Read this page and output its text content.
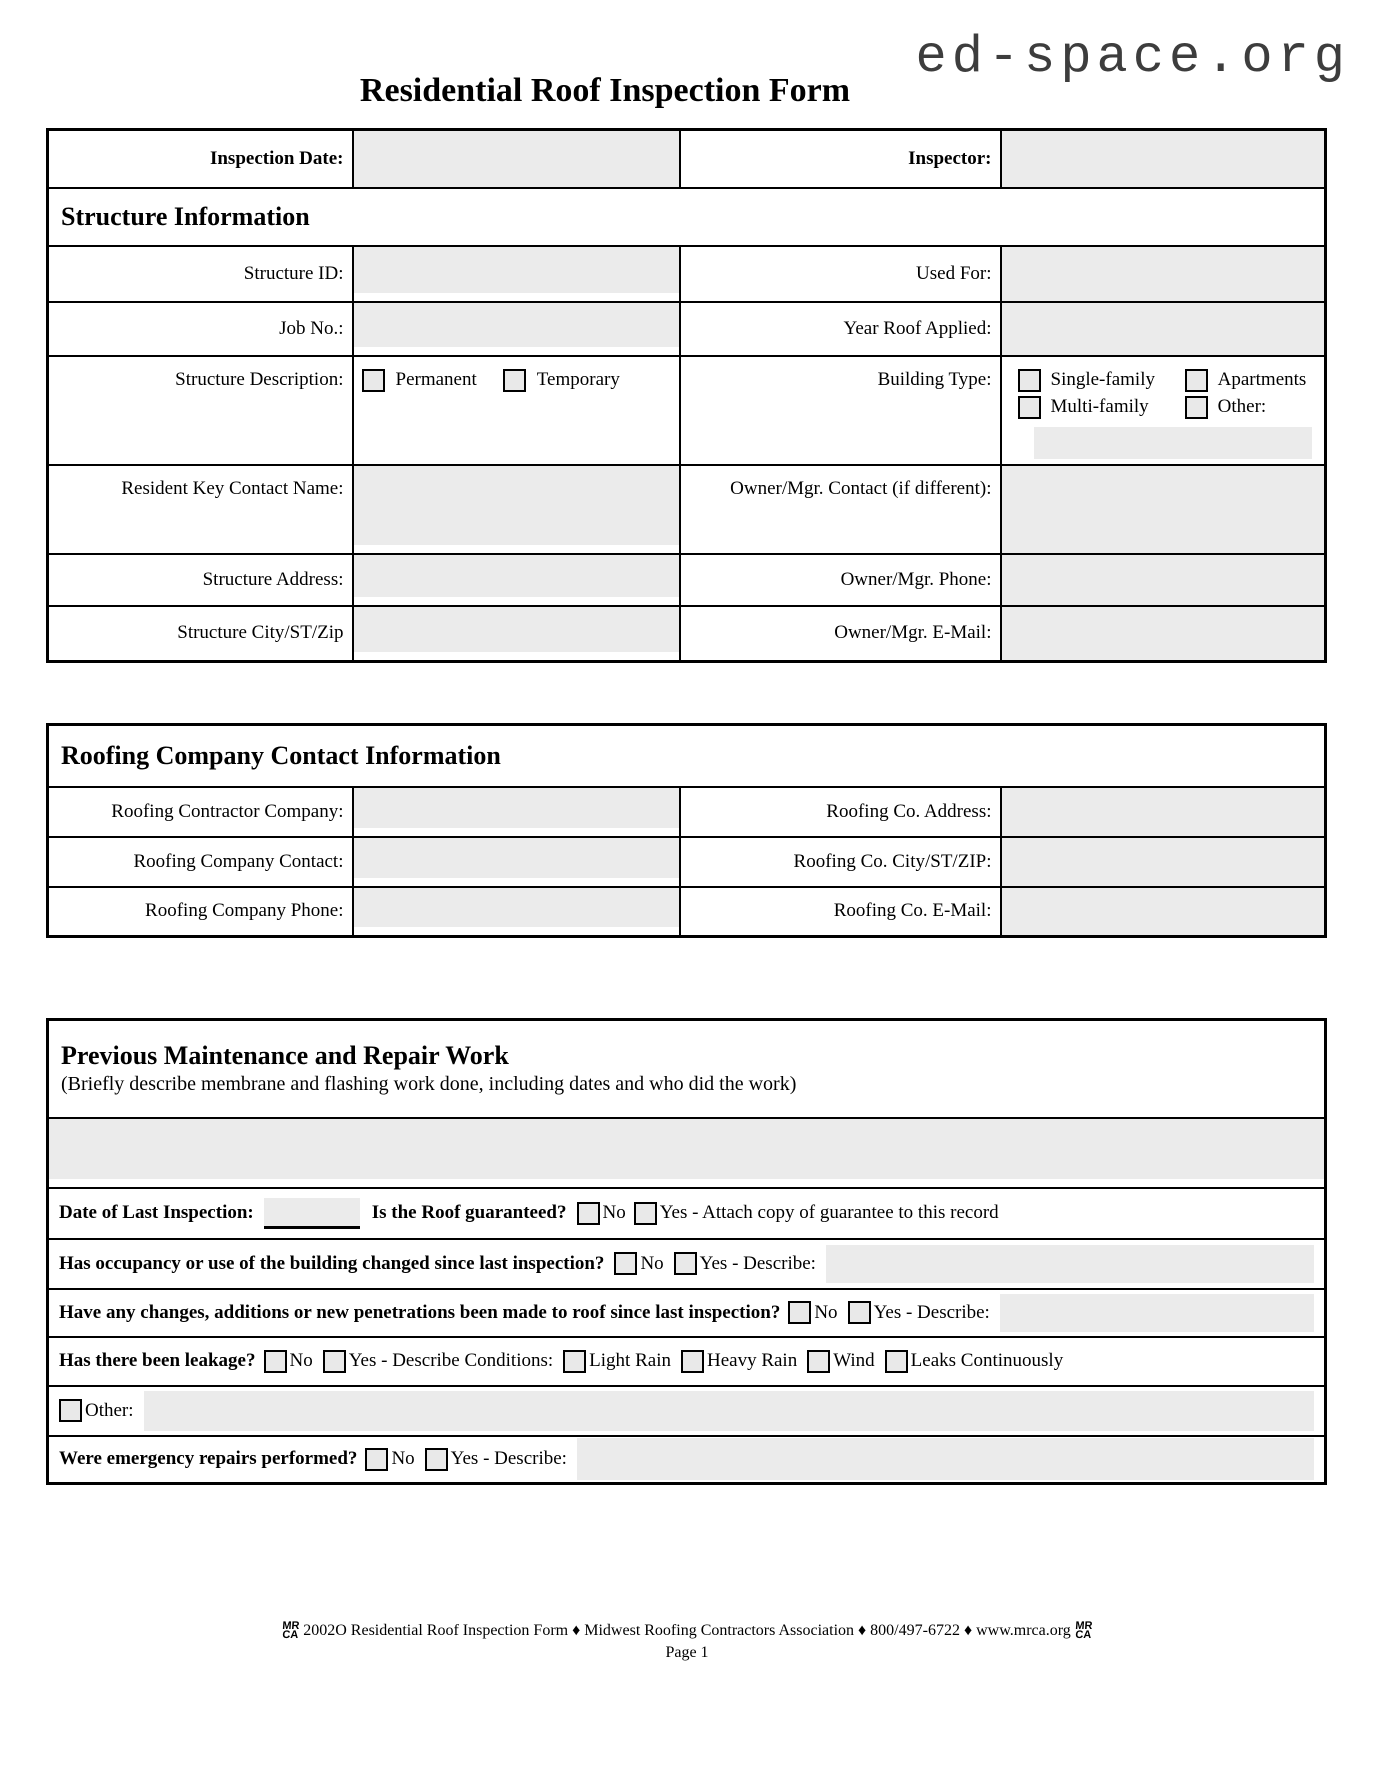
ed-space.org
Residential Roof Inspection Form
Inspection Date:		Inspector:	
Structure Information			
Structure ID:		Used For:	
Job No.:		Year Roof Applied:	
Structure Description:	Permanent Temporary	Building Type:	Single-family Apartments
Multi-family Other:

Resident Key Contact Name:		Owner/Mgr. Contact (if different):	
Structure Address:		Owner/Mgr. Phone:	
Structure City/ST/Zip		Owner/Mgr. E-Mail:	
Roofing Company Contact Information			
Roofing Contractor Company:		Roofing Co. Address:	
Roofing Company Contact:		Roofing Co. City/ST/ZIP:	
Roofing Company Phone:		Roofing Co. E-Mail:	

Previous Maintenance and Repair Work

(Briefly describe membrane and flashing work done, including dates and who did the work)

Date of Last Inspection:	Is the Roof guaranteed? No Yes - Attach copy of guarantee to this record

Has occupancy or use of the building changed since last inspection? No Yes - Describe:

Have any changes, additions or new penetrations been made to roof since last inspection? No Yes - Describe:

Has there been leakage? No Yes - Describe Conditions: Light Rain Heavy Rain Wind Leaks Continuously

Other:

Were emergency repairs performed? No Yes - Describe:
MR
CA 2002O Residential Roof Inspection Form ♦ Midwest Roofing Contractors Association ♦ 800/497-6722 ♦ www.mrca.org MR
CA
Page 1
